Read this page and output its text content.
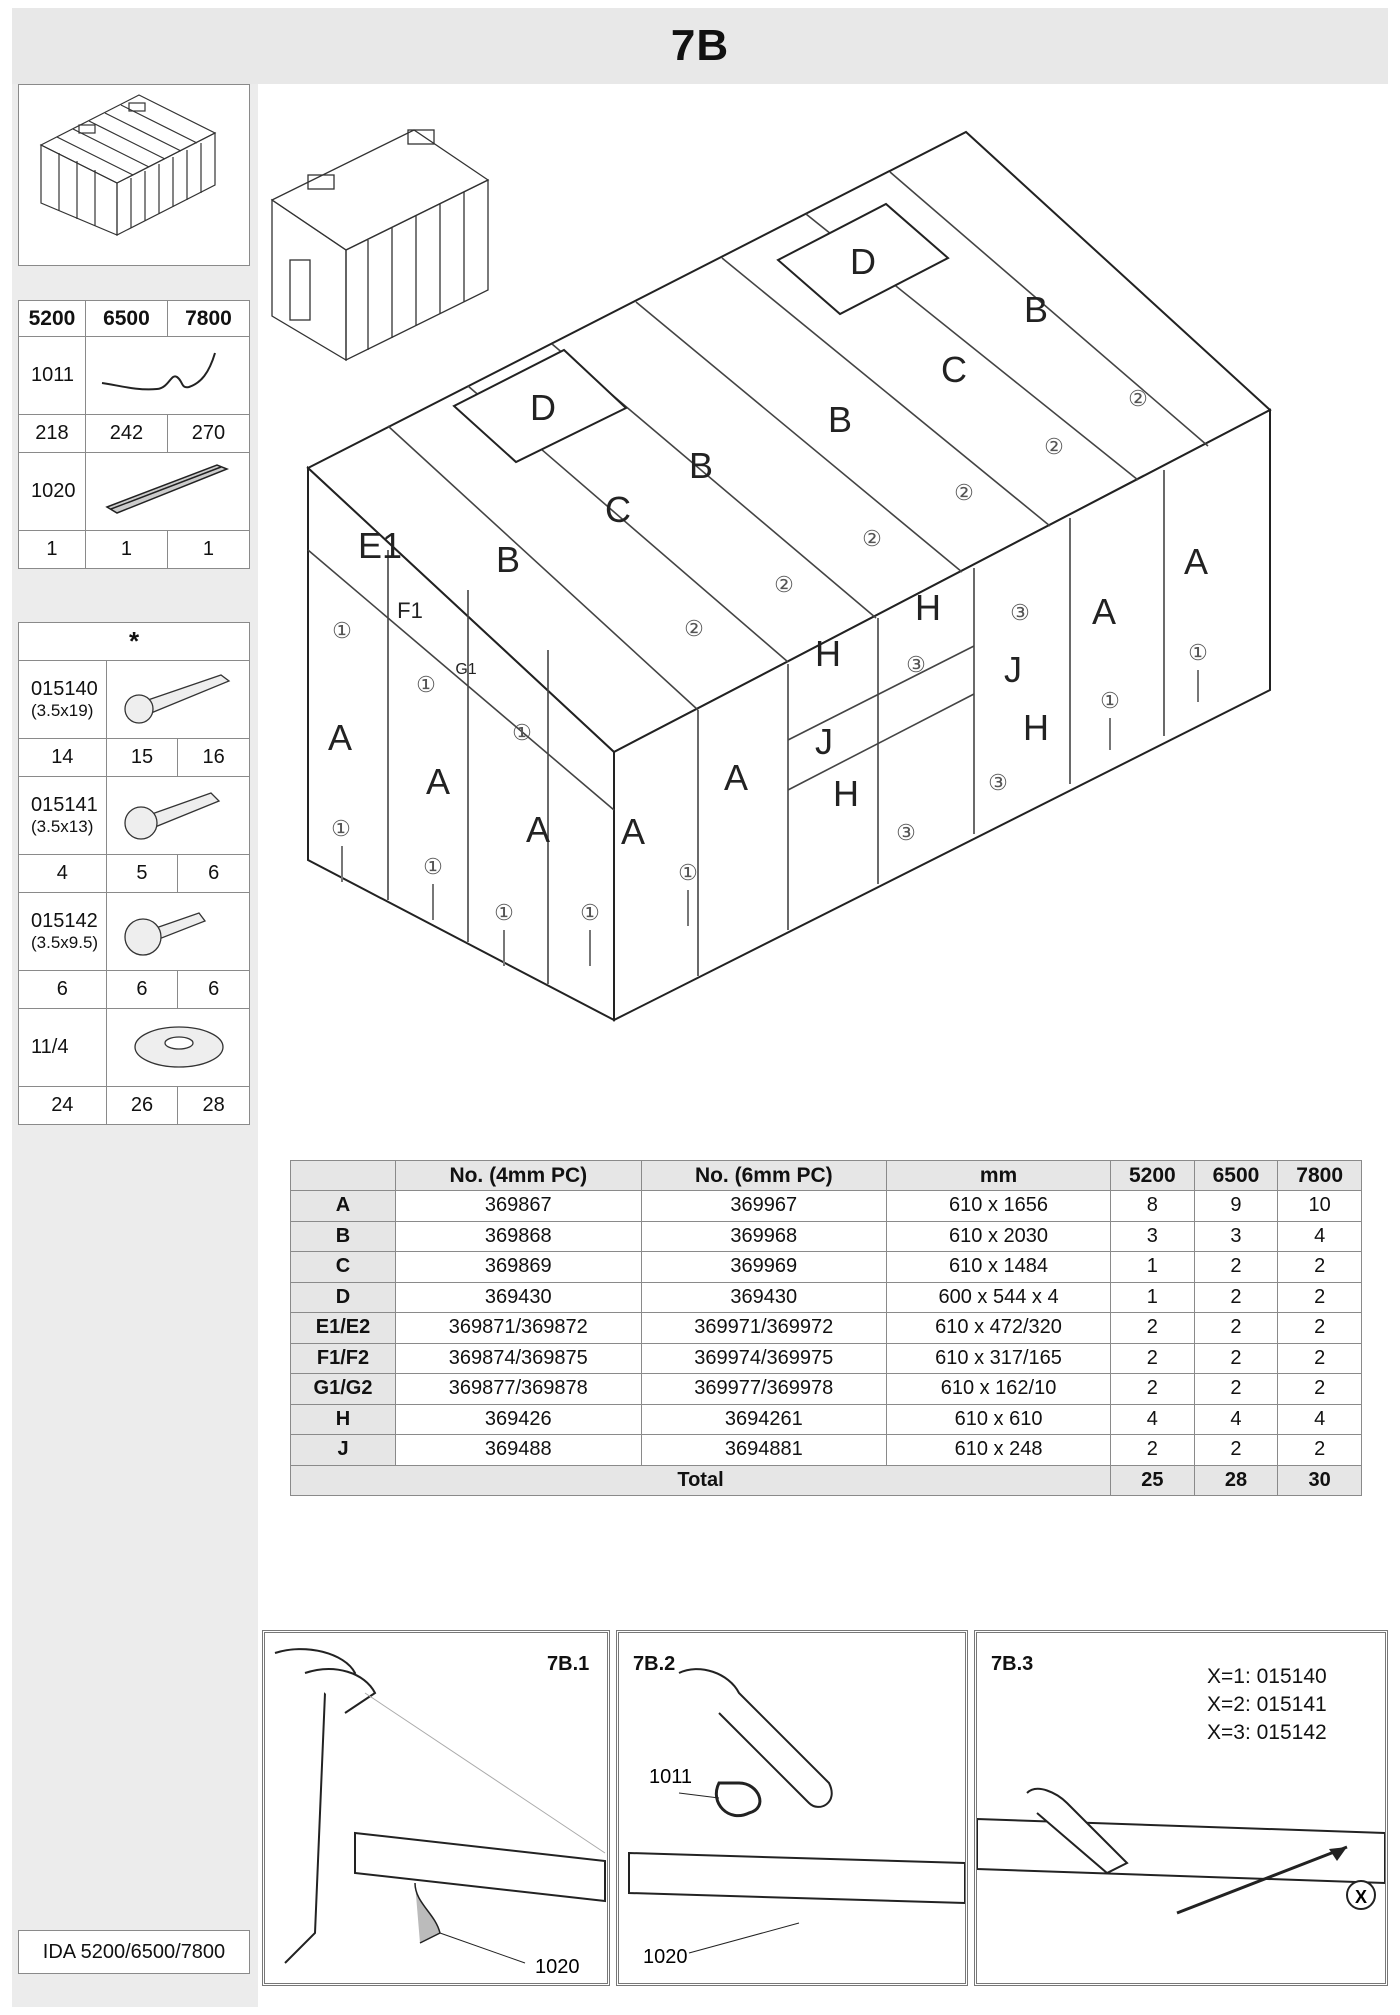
7B
5200	6500	7800
1011	
218	242	270
1020	
1	1	1
*		

015140
(3.5x19)

14	15	16

015141
(3.5x13)

4	5	6

015142
(3.5x9.5)

6	6	6
11/4	
24	26	28
D
D
B
B
B
B
C
C
E1
A
A
A A
A
A
A
H
H
H
H
J
J
F1
G1
①
①
①
①
①
①	①
①
①
①
②
②
②
②
②
②
③
③
③
③
	No. (4mm PC)	No. (6mm PC)	mm	5200	6500	7800
A	369867	369967	610 x 1656	8	9	10
B	369868	369968	610 x 2030	3	3	4
C	369869	369969	610 x 1484	1	2	2
D	369430	369430	600 x 544 x 4	1	2	2
E1/E2	369871/369872	369971/369972	610 x 472/320	2	2	2
F1/F2	369874/369875	369974/369975	610 x 317/165	2	2	2
G1/G2	369877/369878	369977/369978	610 x 162/10	2	2	2
H	369426	3694261	610 x 610	4	4	4
J	369488	3694881	610 x 248	2	2	2
Total				25	28	30
7B.1
1020
7B.2
1011
1020
7B.3
X=1: 015140
X=2: 015141
X=3: 015142
X
IDA 5200/6500/7800
